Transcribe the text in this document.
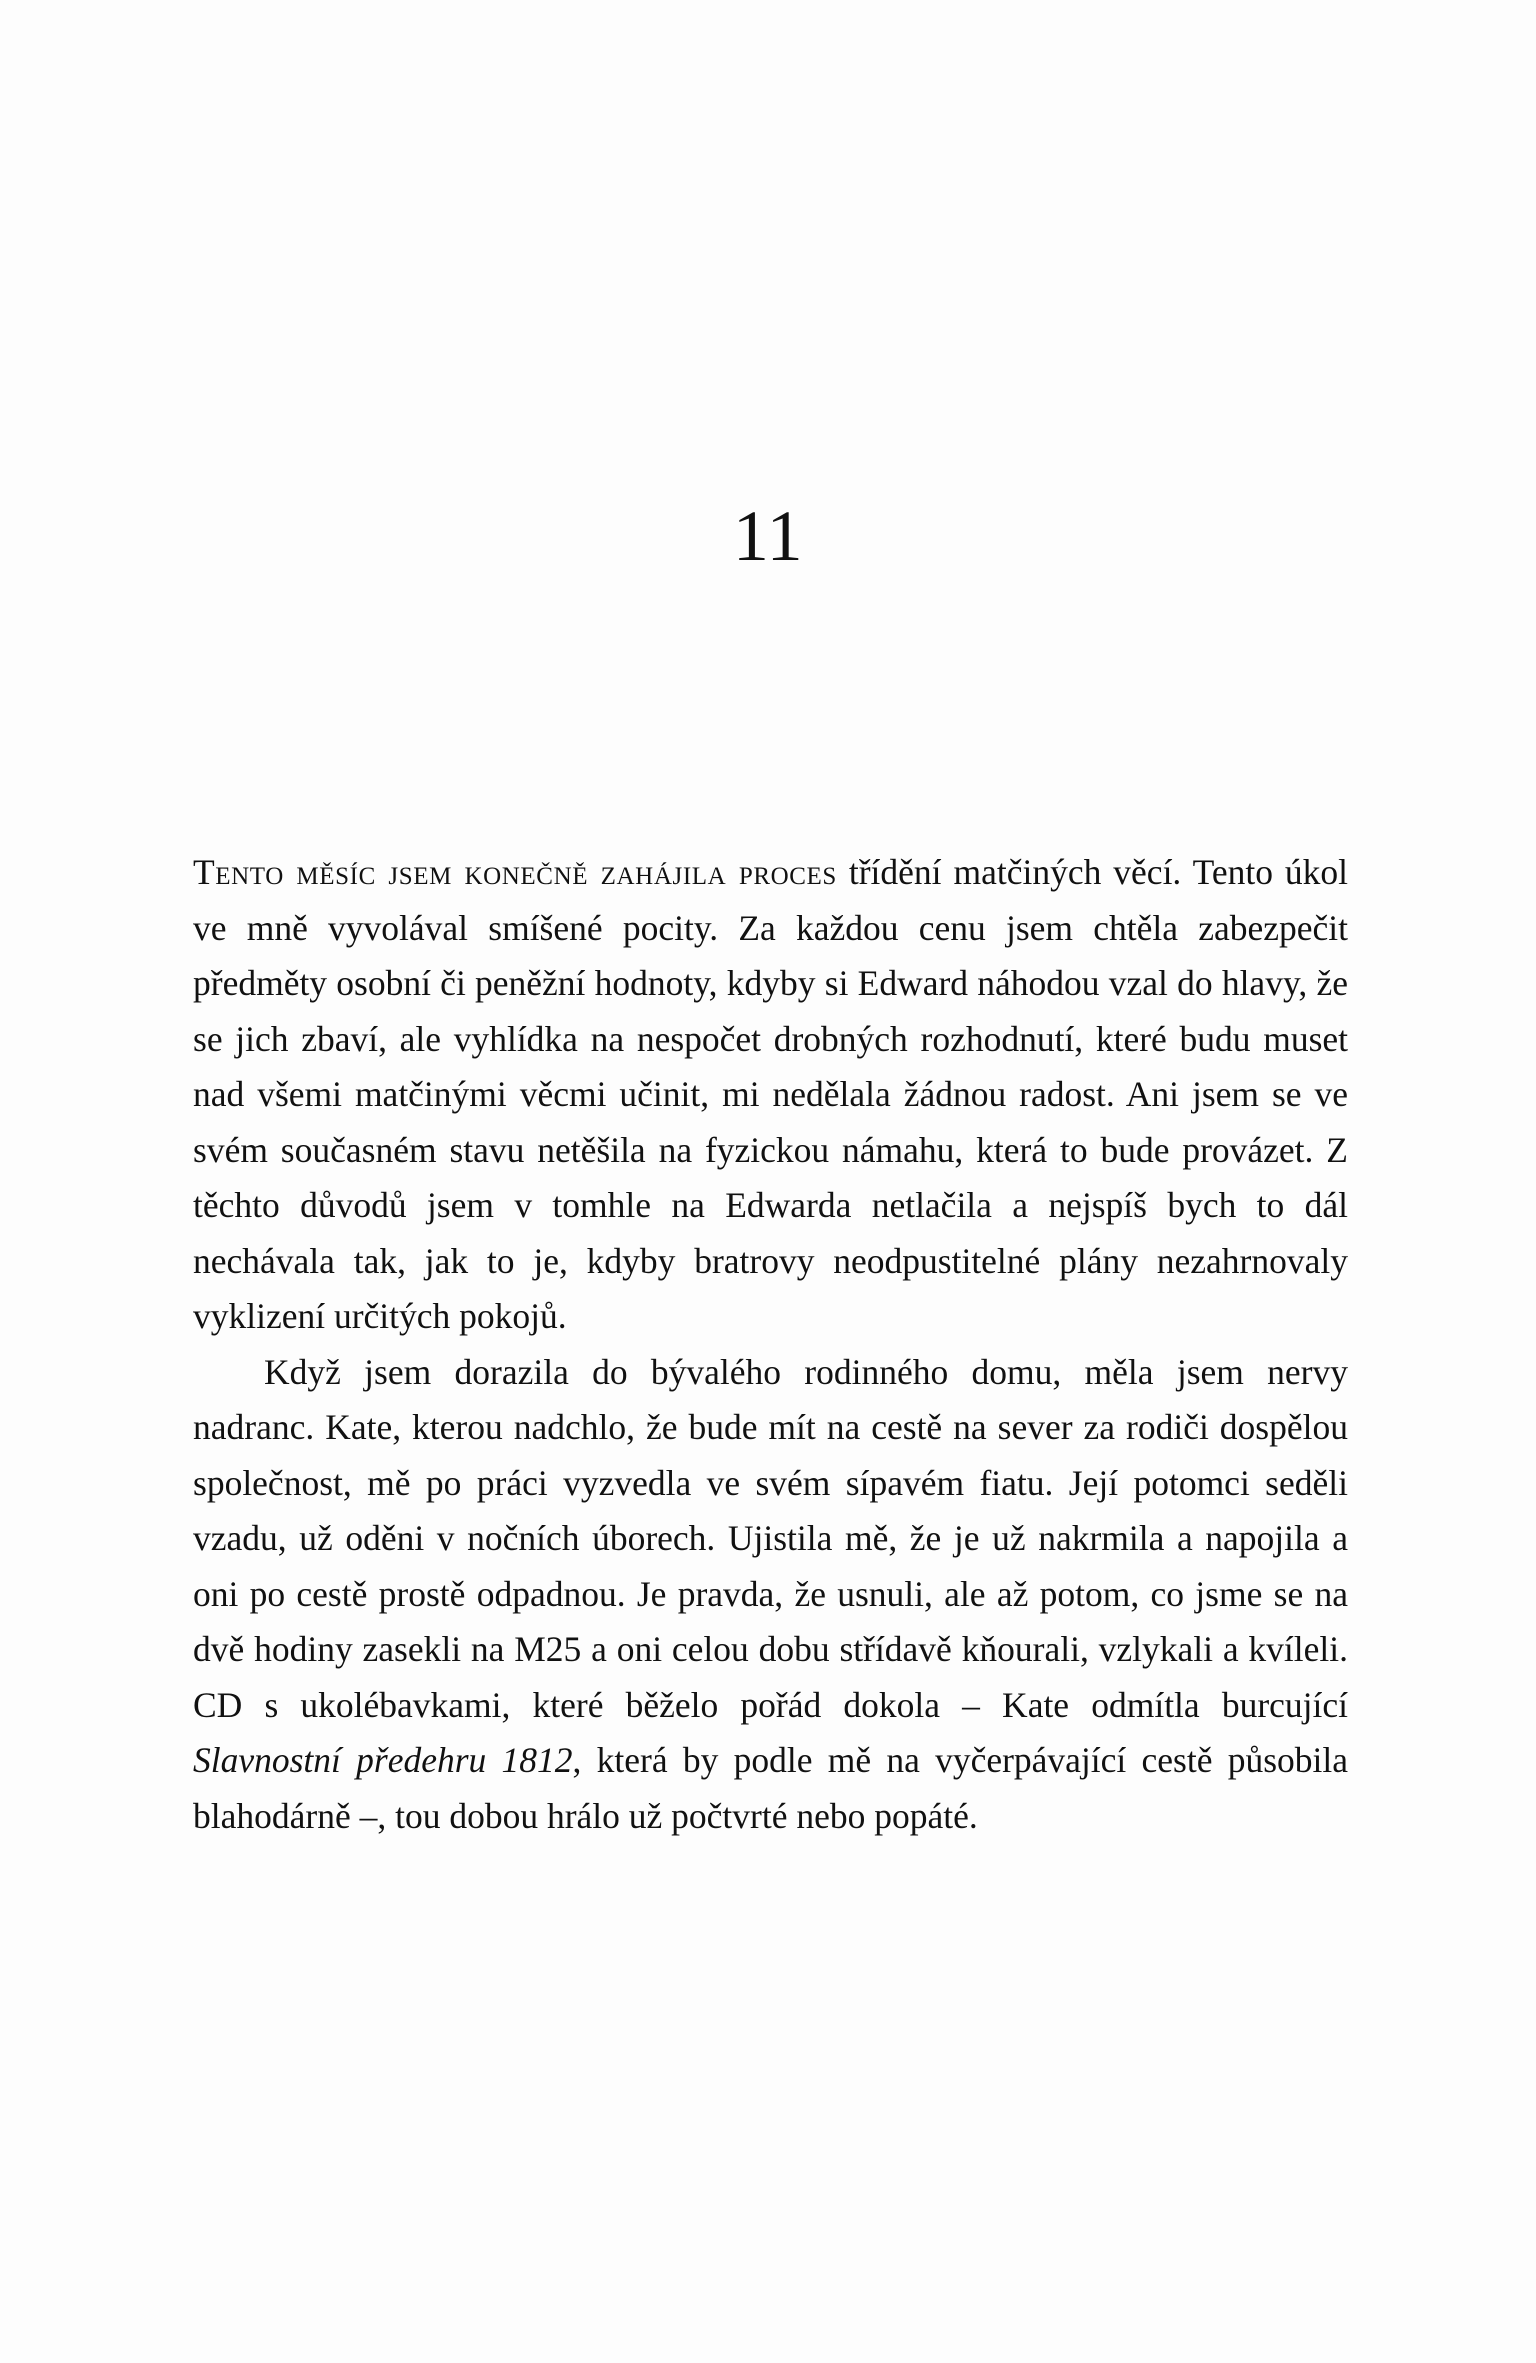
11

Tento měsíc jsem konečně zahájila proces třídění matčiných věcí. Tento úkol ve mně vyvolával smíšené pocity. Za každou cenu jsem chtěla zabezpečit předměty osobní či peněžní hodnoty, kdyby si Edward náhodou vzal do hlavy, že se jich zbaví, ale vyhlídka na nespočet drobných rozhodnutí, které budu muset nad všemi matčinými věcmi učinit, mi nedělala žádnou radost. Ani jsem se ve svém současném stavu netěšila na fyzickou námahu, která to bude provázet. Z těchto důvodů jsem v tomhle na Edwarda netlačila a nejspíš bych to dál nechávala tak, jak to je, kdyby bratrovy neodpustitelné plány nezahrnovaly vyklizení určitých pokojů.

Když jsem dorazila do bývalého rodinného domu, měla jsem nervy nadranc. Kate, kterou nadchlo, že bude mít na cestě na sever za rodiči dospělou společnost, mě po práci vyzvedla ve svém sípavém fiatu. Její potomci seděli vzadu, už oděni v nočních úborech. Ujistila mě, že je už nakrmila a napojila a oni po cestě prostě odpadnou. Je pravda, že usnuli, ale až potom, co jsme se na dvě hodiny zasekli na M25 a oni celou dobu střídavě kňourali, vzlykali a kvíleli. CD s ukolébavkami, které běželo pořád dokola – Kate odmítla burcující Slavnostní předehru 1812, která by podle mě na vyčerpávající cestě působila blahodárně –, tou dobou hrálo už počtvrté nebo popáté.
